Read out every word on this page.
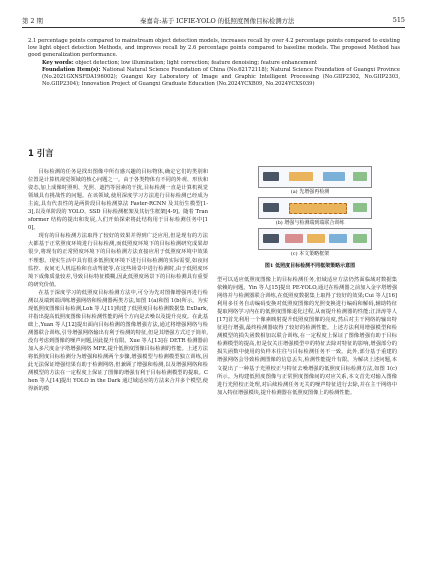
第 2 期	秦嘉奇:基于 ICFIE-YOLO 的低照度图像目标检测方法	515

2.1 percentage points compared to mainstream object detection models, increases recall by over 4.2 percentage points compared to existing low light object detection Methods, and improves recall by 2.6 percentage points compared to baseline models. The proposed Method has good generalization performance.

Key words: object detection; low illumination; light correction; feature denoising; feature enhancement

Foundation Item(s): National Natural Science Foundation of China (No.62172118); Natural Science Foundation of Guangxi Province (No.2021GXNSFDA196002); Guangxi Key Laboratory of Image and Graphic Intelligent Processing (No.GIIP2302, No.GIIP2303, No.GIIP2304); Innovation Project of Guangxi Graduate Education (No.2024YCXB09, No.2024YCXS039)

1 引言

目标检测的任务是找出图像中所有感兴趣的目标物体,确定它们的类别和位置是计算机视觉领域的核心问题之一。由于各类物体有不同的外观、形状和姿态,加上成像时照明、光照、遮挡等因素的干扰,目标检测一直是计算机视觉领域具有挑战性的问题。在该领域,使用深度学习方法进行目标检测已经成为主流,具有代表性的是两阶段目标检测算法 Faster-RCNN 及其衍生模型[1-3],以及单阶段的 YOLO、SSD 目标检测框架及其衍生框架[4-9]。随着 Transformer 结构的提出和发展,人们开始探索将此结构用于目标检测任务中[10]。

现有的目标检测方法取得了较好的效果并得到广泛应用,但是现有的方法大都基于正常照度环境进行目标检测,而低照度环境下的目标检测研究成果却很少,将现有的正常照度环境下的目标检测方法直接应用于低照度环境中效果不理想。现实生活中具有很多低照度环境下进行目标检测的实际需要,如夜间监控、夜间无人机巡检和自动驾驶等,在这些场景中进行检测时,由于低照度环境下成像质量较差,导致目标特征模糊,因此低照度场景下的目标检测具有重要的研究价值。

在基于深度学习的低照度目标检测方法中,可分为先对图像增强再进行检测以及端到端训练增强网络和检测器两类方法,如图 1(a)和图 1(b)所示。为实现低照度图像目标检测,Loh 等人[11]构建了低照度目标检测数据集 ExDark,并指出提高低照度图像目标检测性能的两个方向是去噪以及提升亮度。在此基础上,Yuan 等人[12]提出面向目标检测的图像增强方法,通过将增强网络与检测器联合训练,引导增强网络输出有利于检测的特征,但是其增强方式过于简单,没有考虑到图像的噪声问题,因此提升有限。Xue 等人[13]在 DETR 检测器前加入多尺度金字塔增强网络 MFE,提升低照度图像目标检测的性能。上述方法将低照度目标检测分为增强和检测两个步骤,增强模型与检测模型独立训练,因此无法保证增强结果有助于检测网络,但兼顾了增强和检测,以及增强网络和检测模型的方法在一定程度上保证了图像的增强有利于目标检测模型的提取。Chen 等人[14]提出 YOLO in the Dark 通过域适应的方法来合并多个模型,使得新的模

(a) 先增强再检测
(b) 增强与检测端到端联合训练
(c) 本文策略框架
图1 低照度目标检测不同框架策略示意图

型可以适应低照度图像上的目标检测任务,但域适应方法仍然面临域对数据集依赖的问题。Yin 等人[15]提出 PE-YOLO,通过在检测器之前加入金字塔增强网络并与检测器联合训练,在低照度数据集上取得了较好的效果;Cui 等人[16]利用多任务自动编码变换对低照度图像的光照变换进行编码和解码,辅助特征提取网络学习内在的低照度图像退化过程,从而提升检测器的性能;江泽涛等人[17]首先利用一个像素映射提升低照度图像的亮度,然后对主干网络的输出特征进行增强,最终检测器取得了较好的检测性能。上述方法利用增强模型和检测模型的损失函数相加以联合训练,在一定程度上保证了图像增强有助于目标检测模型的提高,但是仅关注增强模型中的特征去除对特征的影响,增强部分的损失函数中使用的负样本往往与目标检测任务不一致。此外,部分基于重建的增强网络会导致检测图像的信息丢失,检测性能提升有限。为解决上述问题,本文提出了一种基于光照校正与特征去噪增强的低照度目标检测方法,如图 1(c)所示。为构建低照度图像与正常照度图像间的对应关系,本文首先对输入图像进行光照校正处理,对后续检测任务无关的噪声特征进行去除,并在主干网络中加入特征增强模块,提升检测器在低照度图像上的检测性能。
